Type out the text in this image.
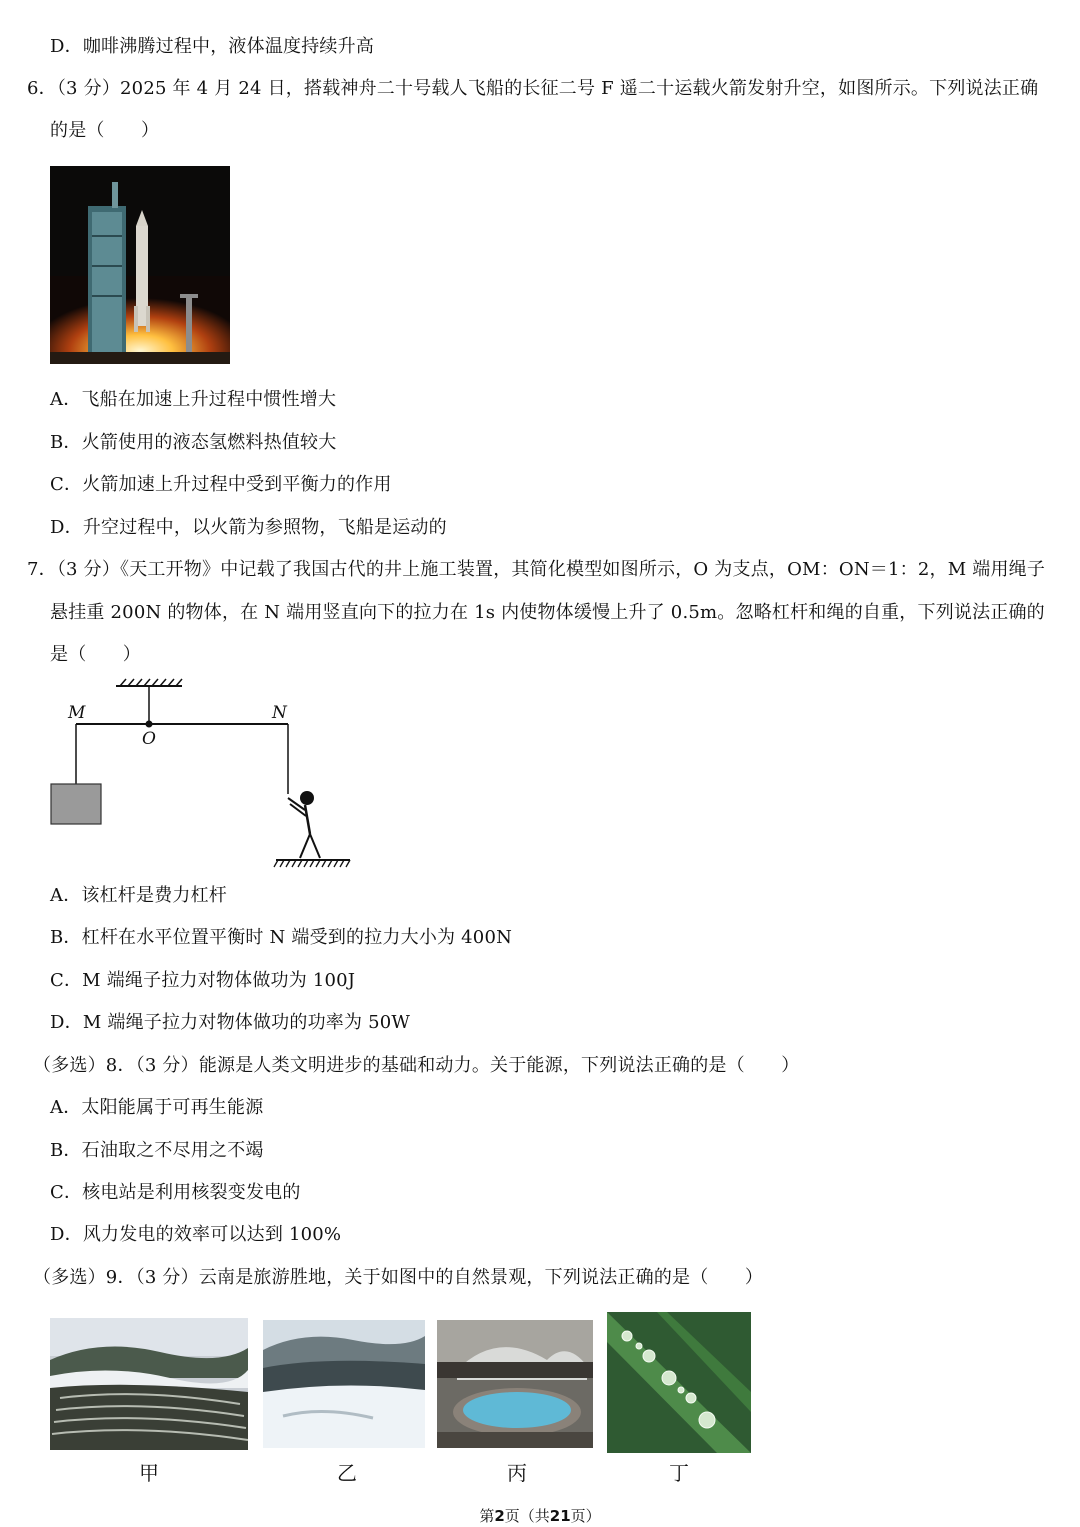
D．咖啡沸腾过程中，液体温度持续升高
6．（3 分）2025 年 4 月 24 日，搭载神舟二十号载人飞船的长征二号 F 遥二十运载火箭发射升空，如图所示。下列说法正确
的是（　　）
A．飞船在加速上升过程中惯性增大
B．火箭使用的液态氢燃料热值较大
C．火箭加速上升过程中受到平衡力的作用
D．升空过程中，以火箭为参照物，飞船是运动的
7．（3 分）《天工开物》中记载了我国古代的井上施工装置，其简化模型如图所示，O 为支点，OM：ON＝1：2，M 端用绳子
悬挂重 200N 的物体，在 N 端用竖直向下的拉力在 1s 内使物体缓慢上升了 0.5m。忽略杠杆和绳的自重，下列说法正确的
是（　　）
M
O
N
A．该杠杆是费力杠杆
B．杠杆在水平位置平衡时 N 端受到的拉力大小为 400N
C．M 端绳子拉力对物体做功为 100J
D．M 端绳子拉力对物体做功的功率为 50W
（多选）8．（3 分）能源是人类文明进步的基础和动力。关于能源，下列说法正确的是（　　）
A．太阳能属于可再生能源
B．石油取之不尽用之不竭
C．核电站是利用核裂变发电的
D．风力发电的效率可以达到 100%
（多选）9．（3 分）云南是旅游胜地，关于如图中的自然景观，下列说法正确的是（　　）
甲	乙	丙	丁
第2页（共21页）
